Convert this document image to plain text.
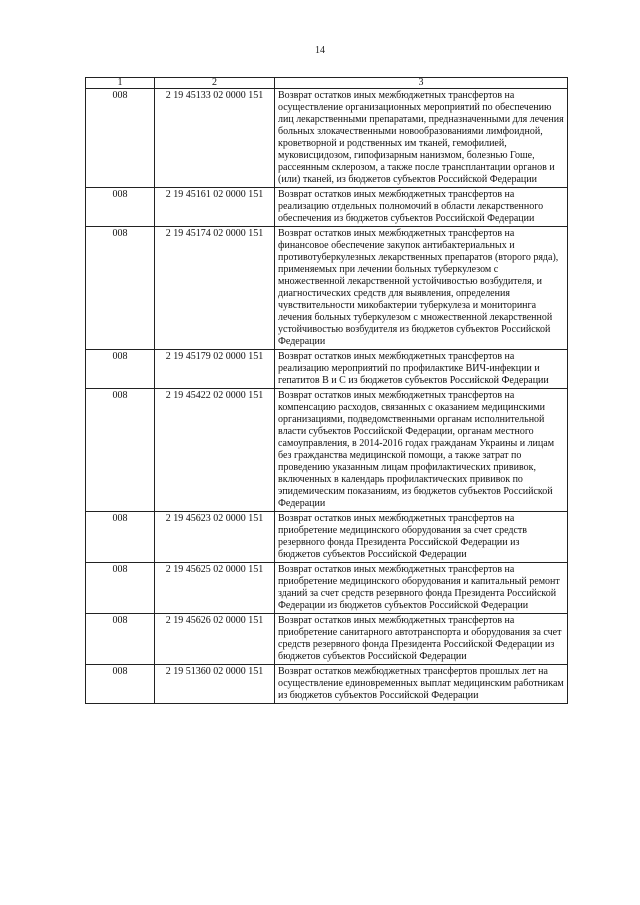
14
1	2	3
008	2 19 45133 02 0000 151	Возврат остатков иных межбюджетных трансфертов на осуществление организационных мероприятий по обеспечению лиц лекарственными препаратами, предназначенными для лечения больных злокачественными новообразованиями лимфоидной, кроветворной и родственных им тканей, гемофилией, муковисцидозом, гипофизарным нанизмом, болезнью Гоше, рассеянным склерозом, а также после трансплантации органов и (или) тканей, из бюджетов субъектов Российской Федерации
008	2 19 45161 02 0000 151	Возврат остатков иных межбюджетных трансфертов на реализацию отдельных полномочий в области лекарственного обеспечения из бюджетов субъектов Российской Федерации
008	2 19 45174 02 0000 151	Возврат остатков иных межбюджетных трансфертов на финансовое обеспечение закупок антибактериальных и противотуберкулезных лекарственных препаратов (второго ряда), применяемых при лечении больных туберкулезом с множественной лекарственной устойчивостью возбудителя, и диагностических средств для выявления, определения чувствительности микобактерии туберкулеза и мониторинга лечения больных туберкулезом с множественной лекарственной устойчивостью возбудителя из бюджетов субъектов Российской Федерации
008	2 19 45179 02 0000 151	Возврат остатков иных межбюджетных трансфертов на реализацию мероприятий по профилактике ВИЧ-инфекции и гепатитов B и C из бюджетов субъектов Российской Федерации
008	2 19 45422 02 0000 151	Возврат остатков иных межбюджетных трансфертов на компенсацию расходов, связанных с оказанием медицинскими организациями, подведомственными органам исполнительной власти субъектов Российской Федерации, органам местного самоуправления, в 2014-2016 годах гражданам Украины и лицам без гражданства медицинской помощи, а также затрат по проведению указанным лицам профилактических прививок, включенных в календарь профилактических прививок по эпидемическим показаниям, из бюджетов субъектов Российской Федерации
008	2 19 45623 02 0000 151	Возврат остатков иных межбюджетных трансфертов на приобретение медицинского оборудования за счет средств резервного фонда Президента Российской Федерации из бюджетов субъектов Российской Федерации
008	2 19 45625 02 0000 151	Возврат остатков иных межбюджетных трансфертов на приобретение медицинского оборудования и капитальный ремонт зданий за счет средств резервного фонда Президента Российской Федерации из бюджетов субъектов Российской Федерации
008	2 19 45626 02 0000 151	Возврат остатков иных межбюджетных трансфертов на приобретение санитарного автотранспорта и оборудования за счет средств резервного фонда Президента Российской Федерации из бюджетов субъектов Российской Федерации
008	2 19 51360 02 0000 151	Возврат остатков межбюджетных трансфертов прошлых лет на осуществление единовременных выплат медицинским работникам из бюджетов субъектов Российской Федерации
